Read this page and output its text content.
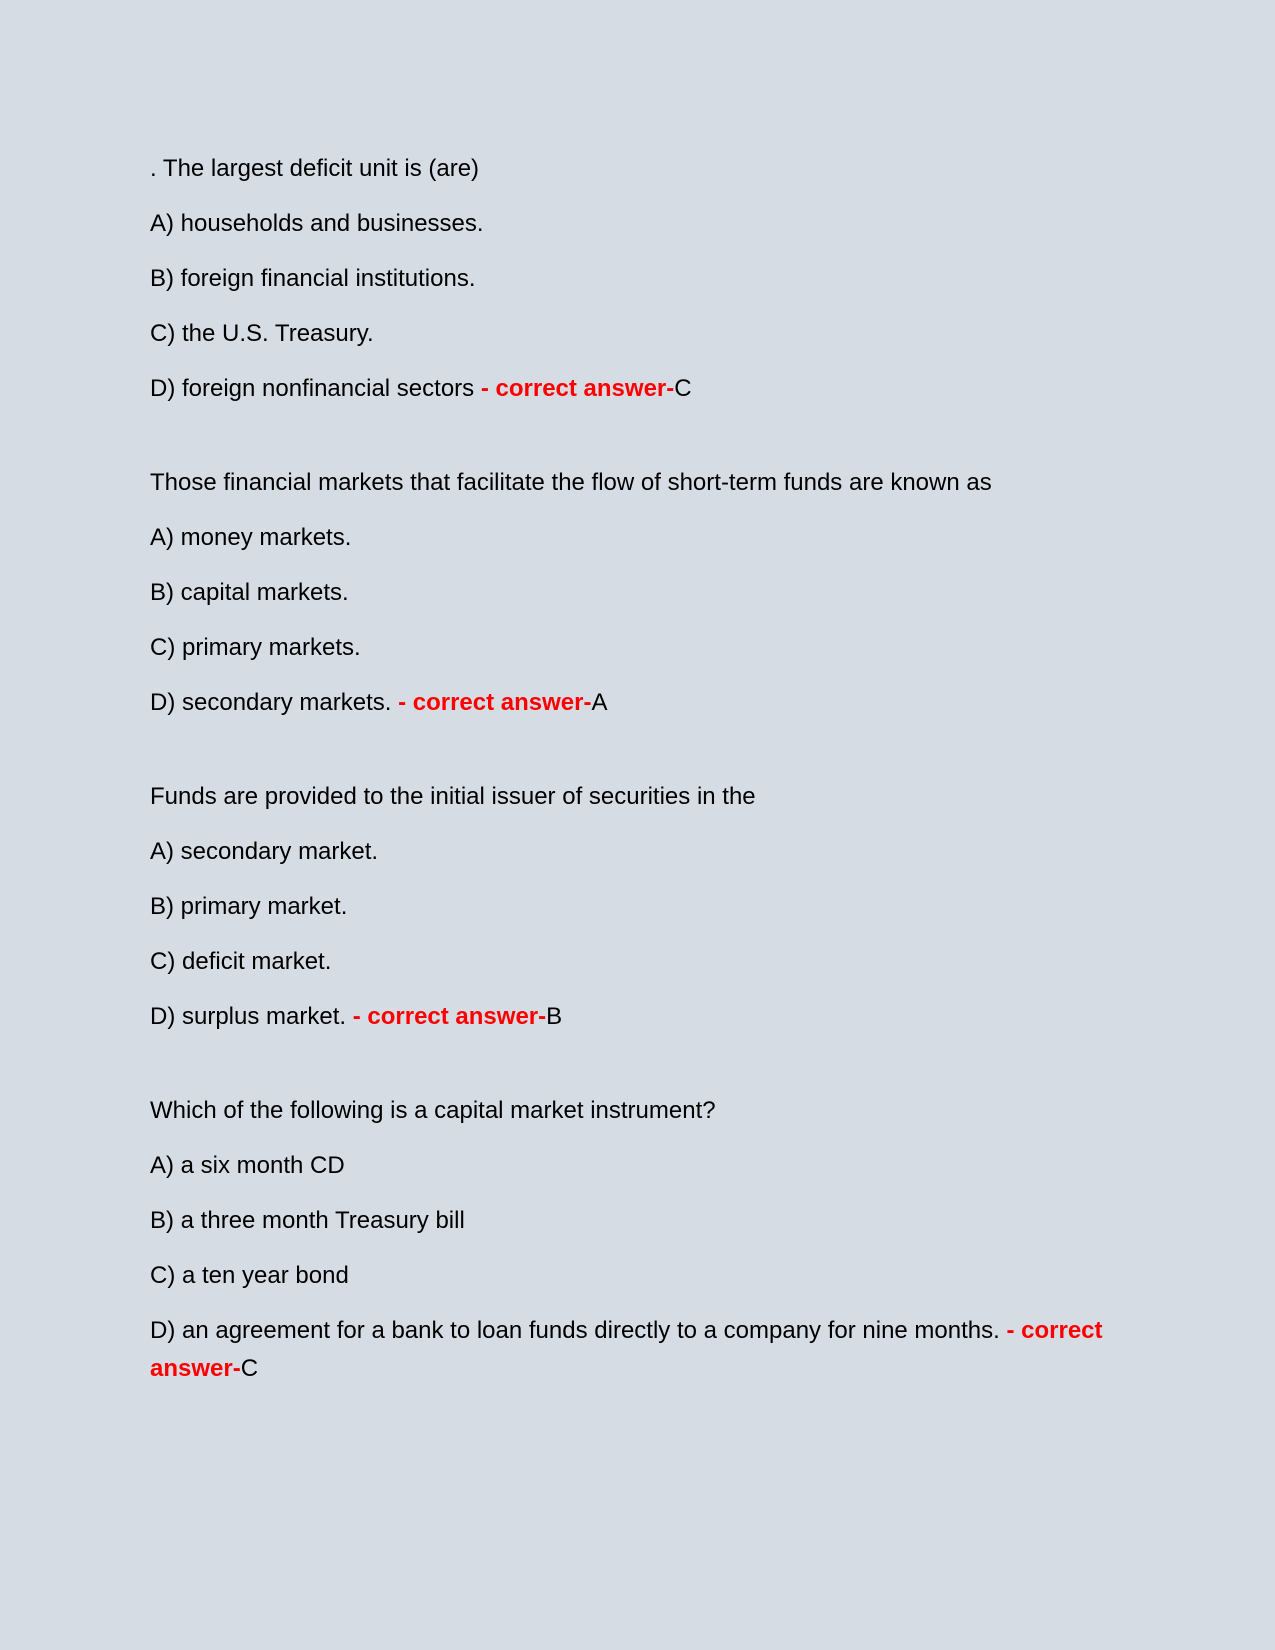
. The largest deficit unit is (are)
A) households and businesses.
B) foreign financial institutions.
C) the U.S. Treasury.
D) foreign nonfinancial sectors - correct answer-C
Those financial markets that facilitate the flow of short-term funds are known as
A) money markets.
B) capital markets.
C) primary markets.
D) secondary markets. - correct answer-A
Funds are provided to the initial issuer of securities in the
A) secondary market.
B) primary market.
C) deficit market.
D) surplus market. - correct answer-B
Which of the following is a capital market instrument?
A) a six month CD
B) a three month Treasury bill
C) a ten year bond
D) an agreement for a bank to loan funds directly to a company for nine months. - correct answer-C
